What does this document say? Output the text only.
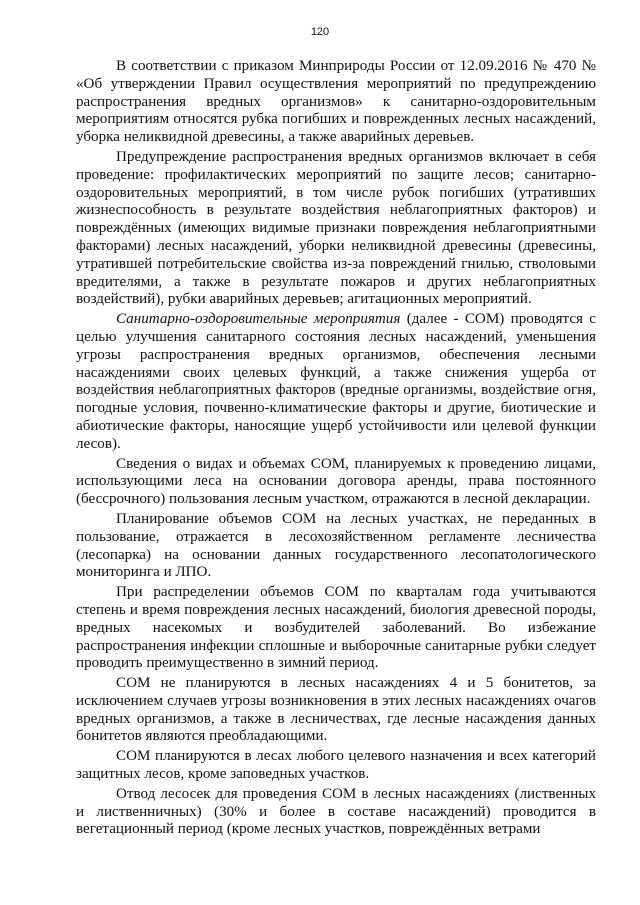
120

В соответствии с приказом Минприроды России от 12.09.2016 № 470 № «Об утверждении Правил осуществления мероприятий по предупреждению распространения вредных организмов» к санитарно-оздоровительным мероприятиям относятся рубка погибших и поврежденных лесных насаждений, уборка неликвидной древесины, а также аварийных деревьев.

Предупреждение распространения вредных организмов включает в себя проведение: профилактических мероприятий по защите лесов; санитарно-оздоровительных мероприятий, в том числе рубок погибших (утративших жизнеспособность в результате воздействия неблагоприятных факторов) и повреждённых (имеющих видимые признаки повреждения неблагоприятными факторами) лесных насаждений, уборки неликвидной древесины (древесины, утратившей потребительские свойства из-за повреждений гнилью, стволовыми вредителями, а также в результате пожаров и других неблагоприятных воздействий), рубки аварийных деревьев; агитационных мероприятий.

Санитарно-оздоровительные мероприятия (далее - СОМ) проводятся с целью улучшения санитарного состояния лесных насаждений, уменьшения угрозы распространения вредных организмов, обеспечения лесными насаждениями своих целевых функций, а также снижения ущерба от воздействия неблагоприятных факторов (вредные организмы, воздействие огня, погодные условия, почвенно-климатические факторы и другие, биотические и абиотические факторы, наносящие ущерб устойчивости или целевой функции лесов).

Сведения о видах и объемах СОМ, планируемых к проведению лицами, использующими леса на основании договора аренды, права постоянного (бессрочного) пользования лесным участком, отражаются в лесной декларации.

Планирование объемов СОМ на лесных участках, не переданных в пользование, отражается в лесохозяйственном регламенте лесничества (лесопарка) на основании данных государственного лесопатологического мониторинга и ЛПО.

При распределении объемов СОМ по кварталам года учитываются степень и время повреждения лесных насаждений, биология древесной породы, вредных насекомых и возбудителей заболеваний. Во избежание распространения инфекции сплошные и выборочные санитарные рубки следует проводить преимущественно в зимний период.

СОМ не планируются в лесных насаждениях 4 и 5 бонитетов, за исключением случаев угрозы возникновения в этих лесных насаждениях очагов вредных организмов, а также в лесничествах, где лесные насаждения данных бонитетов являются преобладающими.

СОМ планируются в лесах любого целевого назначения и всех категорий защитных лесов, кроме заповедных участков.

Отвод лесосек для проведения СОМ в лесных насаждениях (лиственных и лиственничных) (30% и более в составе насаждений) проводится в вегетационный период (кроме лесных участков, повреждённых ветрами
